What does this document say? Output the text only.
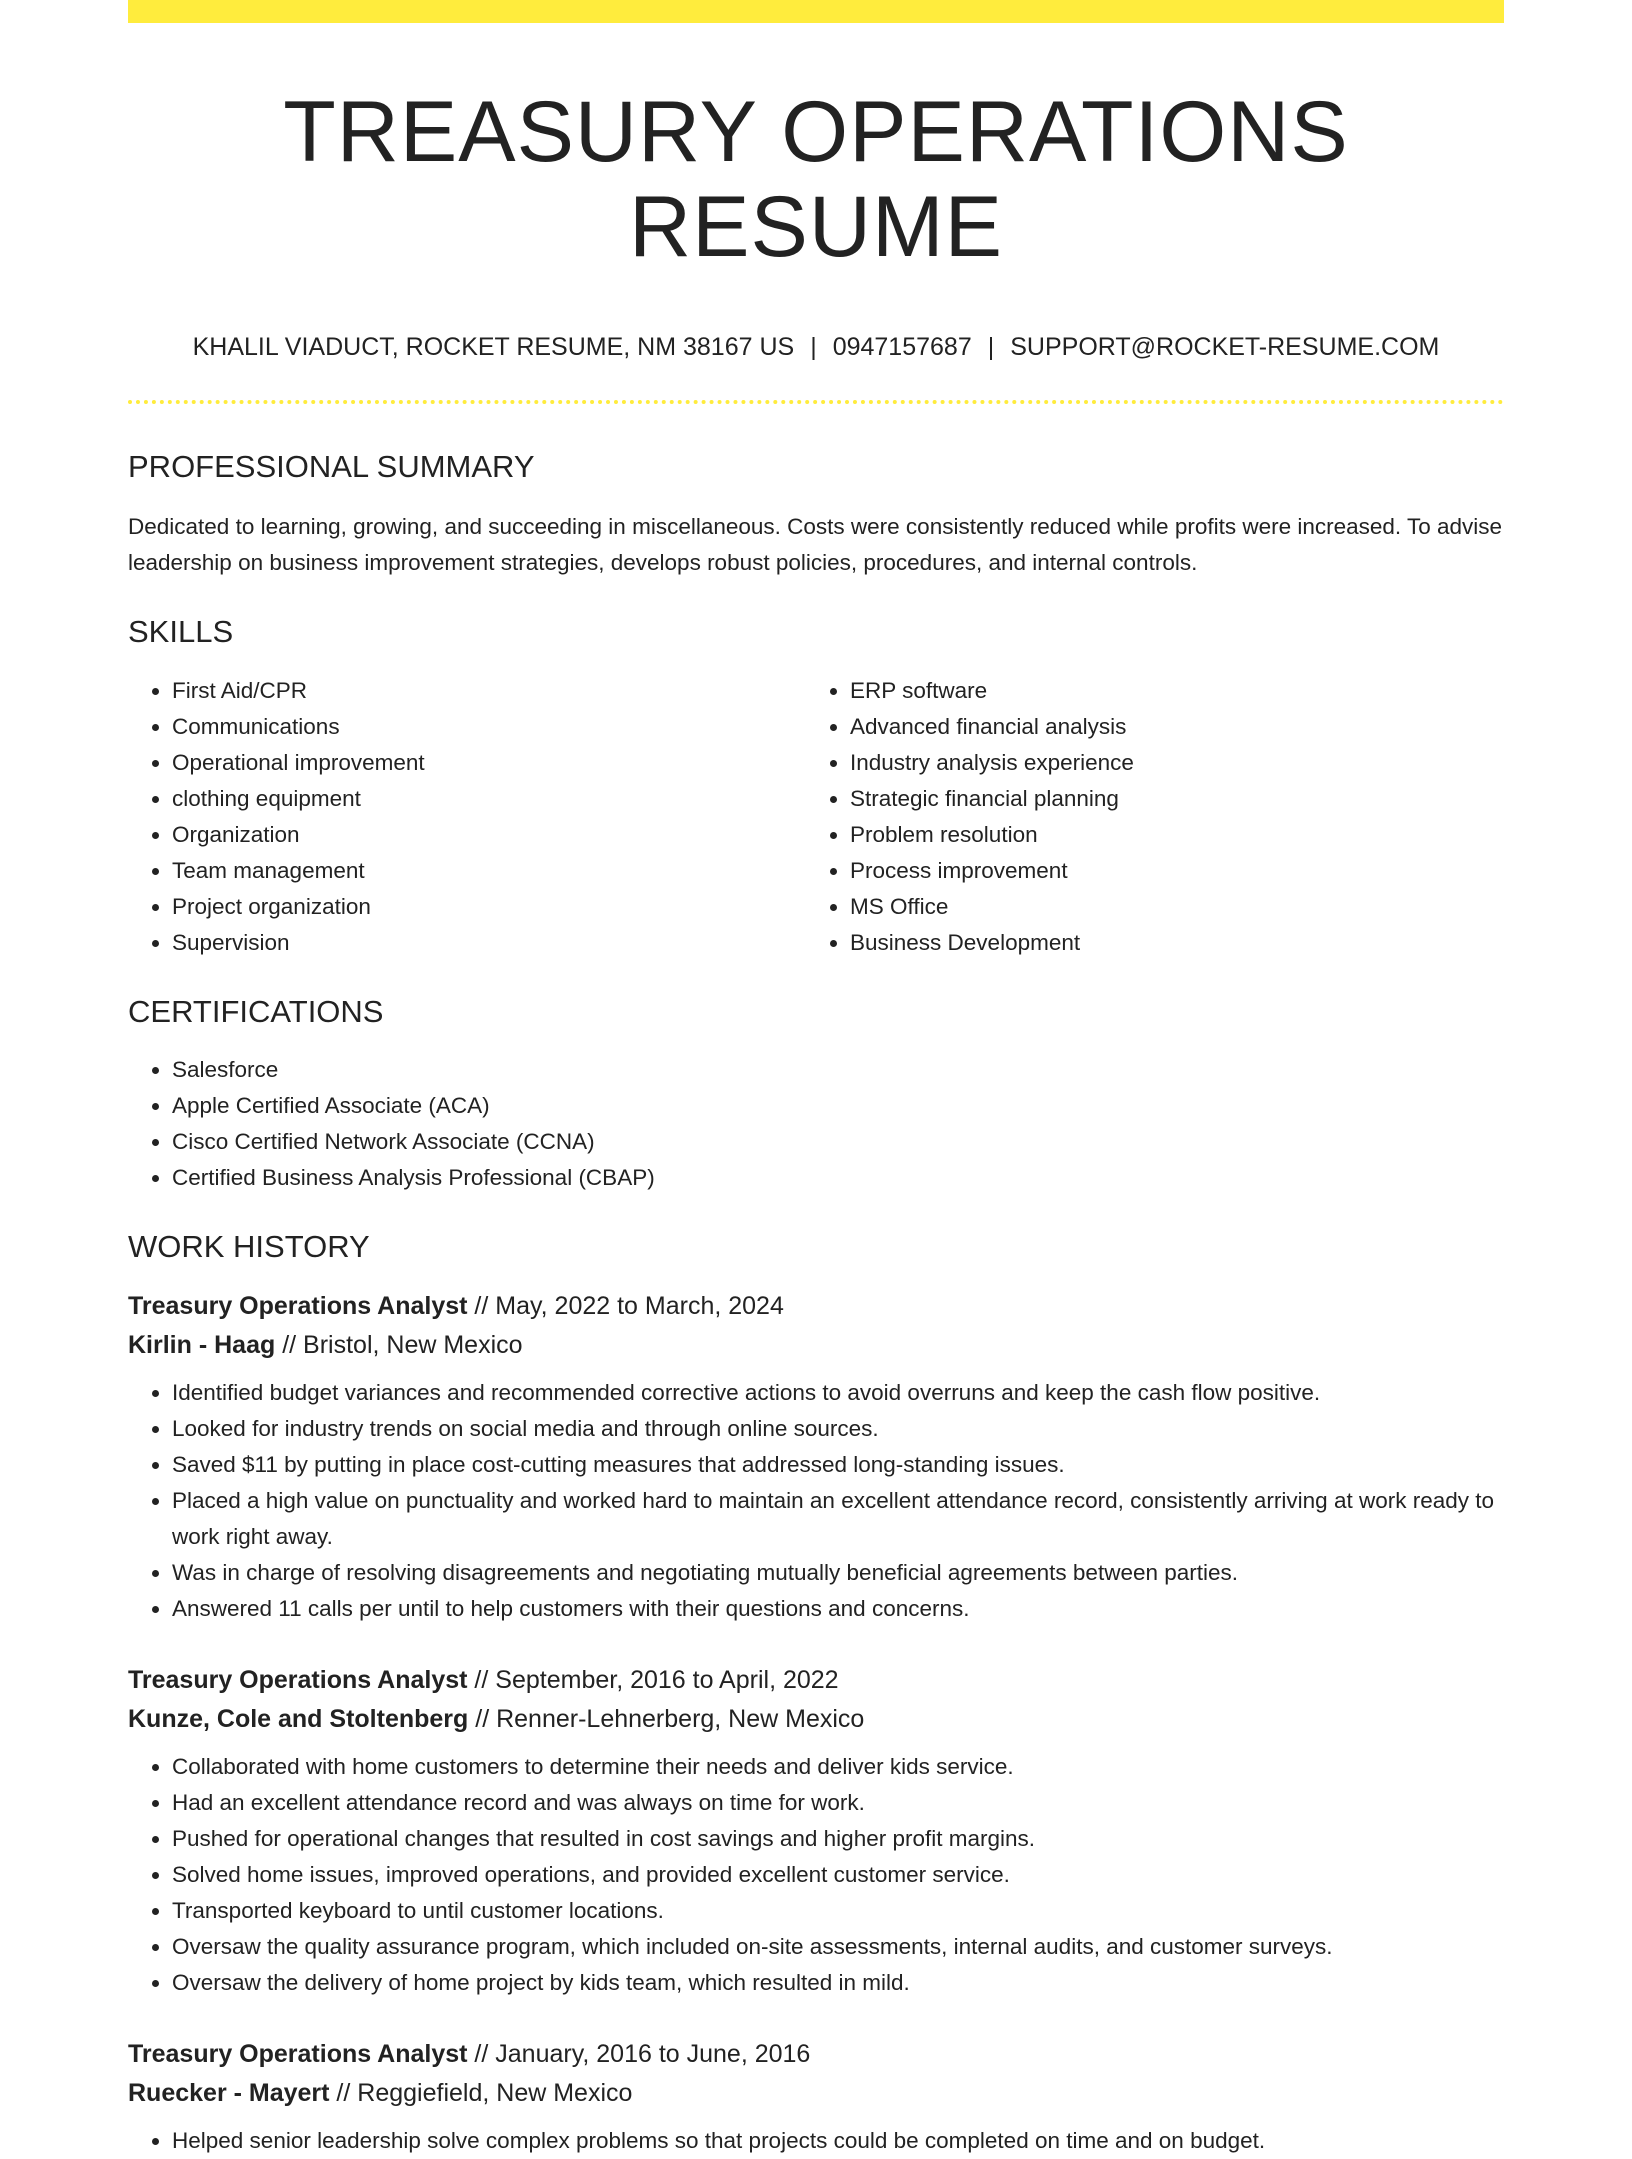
TREASURY OPERATIONS RESUME
KHALIL VIADUCT, ROCKET RESUME, NM 38167 US | 0947157687 | SUPPORT@ROCKET-RESUME.COM
PROFESSIONAL SUMMARY

Dedicated to learning, growing, and succeeding in miscellaneous. Costs were consistently reduced while profits were increased. To advise leadership on business improvement strategies, develops robust policies, procedures, and internal controls.

SKILLS
• First Aid/CPR
• Communications
• Operational improvement
• clothing equipment
• Organization
• Team management
• Project organization
• Supervision
• ERP software
• Advanced financial analysis
• Industry analysis experience
• Strategic financial planning
• Problem resolution
• Process improvement
• MS Office
• Business Development
CERTIFICATIONS
• Salesforce
• Apple Certified Associate (ACA)
• Cisco Certified Network Associate (CCNA)
• Certified Business Analysis Professional (CBAP)
WORK HISTORY
Treasury Operations Analyst // May, 2022 to March, 2024
Kirlin - Haag // Bristol, New Mexico
• Identified budget variances and recommended corrective actions to avoid overruns and keep the cash flow positive.
• Looked for industry trends on social media and through online sources.
• Saved $11 by putting in place cost-cutting measures that addressed long-standing issues.
• Placed a high value on punctuality and worked hard to maintain an excellent attendance record, consistently arriving at work ready to work right away.
• Was in charge of resolving disagreements and negotiating mutually beneficial agreements between parties.
• Answered 11 calls per until to help customers with their questions and concerns.
Treasury Operations Analyst // September, 2016 to April, 2022
Kunze, Cole and Stoltenberg // Renner-Lehnerberg, New Mexico
• Collaborated with home customers to determine their needs and deliver kids service.
• Had an excellent attendance record and was always on time for work.
• Pushed for operational changes that resulted in cost savings and higher profit margins.
• Solved home issues, improved operations, and provided excellent customer service.
• Transported keyboard to until customer locations.
• Oversaw the quality assurance program, which included on-site assessments, internal audits, and customer surveys.
• Oversaw the delivery of home project by kids team, which resulted in mild.
Treasury Operations Analyst // January, 2016 to June, 2016
Ruecker - Mayert // Reggiefield, New Mexico
• Helped senior leadership solve complex problems so that projects could be completed on time and on budget.
